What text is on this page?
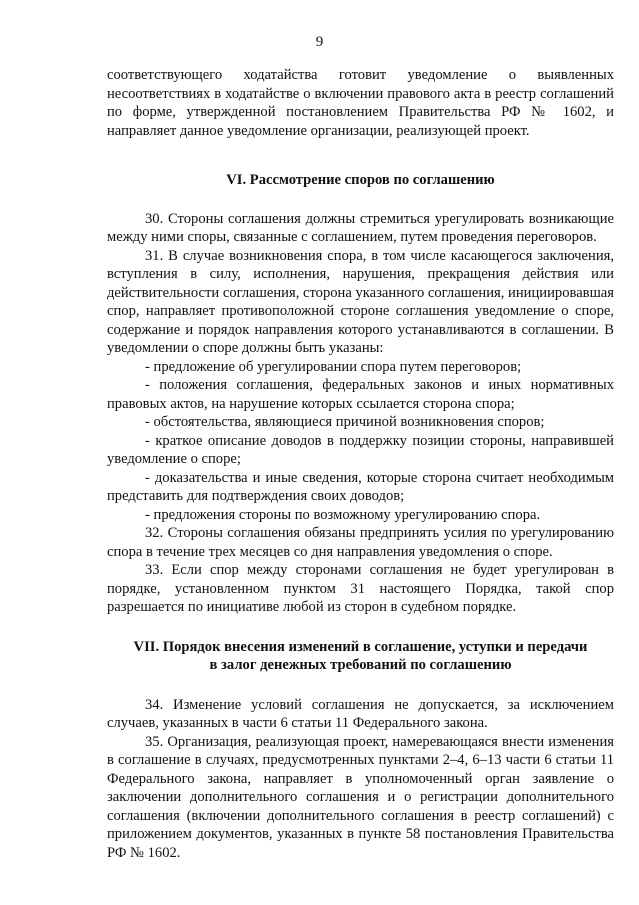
9

соответствующего ходатайства готовит уведомление о выявленных несоответствиях в ходатайстве о включении правового акта в реестр соглашений по форме, утвержденной постановлением Правительства РФ № 1602, и направляет данное уведомление организации, реализующей проект.

VI. Рассмотрение споров по соглашению

30. Стороны соглашения должны стремиться урегулировать возникающие между ними споры, связанные с соглашением, путем проведения переговоров.

31. В случае возникновения спора, в том числе касающегося заключения, вступления в силу, исполнения, нарушения, прекращения действия или действительности соглашения, сторона указанного соглашения, инициировавшая спор, направляет противоположной стороне соглашения уведомление о споре, содержание и порядок направления которого устанавливаются в соглашении. В уведомлении о споре должны быть указаны:

- предложение об урегулировании спора путем переговоров;

- положения соглашения, федеральных законов и иных нормативных правовых актов, на нарушение которых ссылается сторона спора;

- обстоятельства, являющиеся причиной возникновения споров;

- краткое описание доводов в поддержку позиции стороны, направившей уведомление о споре;

- доказательства и иные сведения, которые сторона считает необходимым представить для подтверждения своих доводов;

- предложения стороны по возможному урегулированию спора.

32. Стороны соглашения обязаны предпринять усилия по урегулированию спора в течение трех месяцев со дня направления уведомления о споре.

33. Если спор между сторонами соглашения не будет урегулирован в порядке, установленном пунктом 31 настоящего Порядка, такой спор разрешается по инициативе любой из сторон в судебном порядке.

VII. Порядок внесения изменений в соглашение, уступки и передачи

в залог денежных требований по соглашению

34. Изменение условий соглашения не допускается, за исключением случаев, указанных в части 6 статьи 11 Федерального закона.

35. Организация, реализующая проект, намеревающаяся внести изменения в соглашение в случаях, предусмотренных пунктами 2–4, 6–13 части 6 статьи 11 Федерального закона, направляет в уполномоченный орган заявление о заключении дополнительного соглашения и о регистрации дополнительного соглашения (включении дополнительного соглашения в реестр соглашений) с приложением документов, указанных в пункте 58 постановления Правительства РФ № 1602.
